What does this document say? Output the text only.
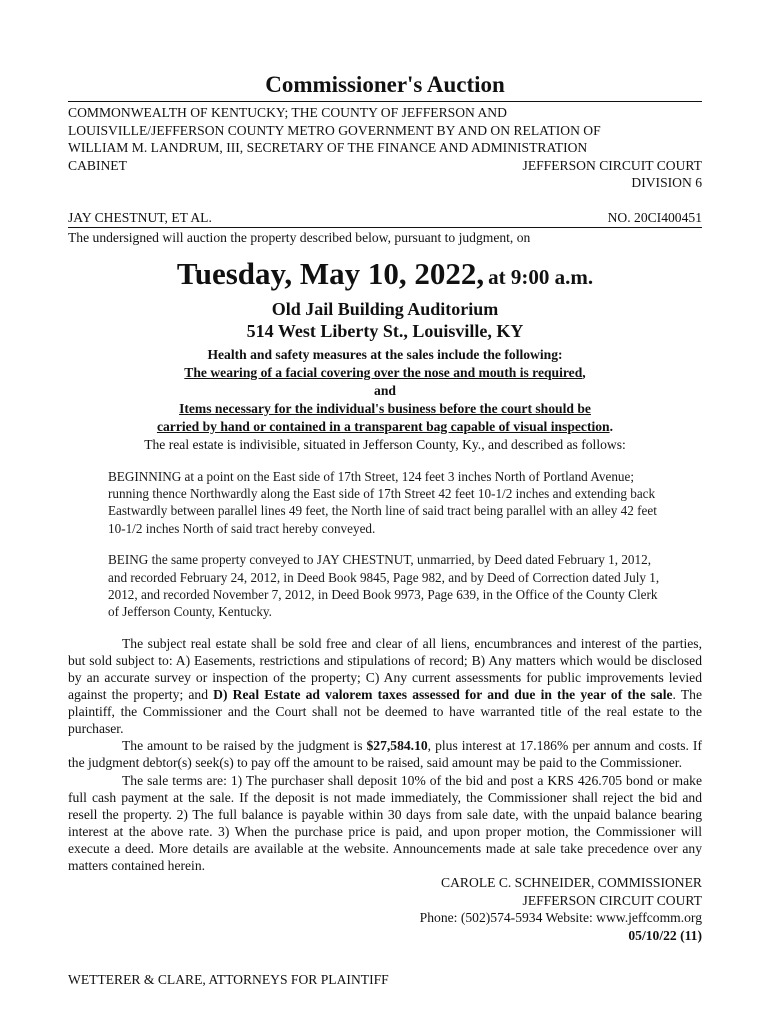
Commissioner's Auction
COMMONWEALTH OF KENTUCKY; THE COUNTY OF JEFFERSON AND
LOUISVILLE/JEFFERSON COUNTY METRO GOVERNMENT BY AND ON RELATION OF
WILLIAM M. LANDRUM, III, SECRETARY OF THE FINANCE AND ADMINISTRATION
CABINET	JEFFERSON CIRCUIT COURT
DIVISION 6
JAY CHESTNUT, ET AL.	NO. 20CI400451
The undersigned will auction the property described below, pursuant to judgment, on
Tuesday, May 10, 2022, at 9:00 a.m.
Old Jail Building Auditorium
514 West Liberty St., Louisville, KY
Health and safety measures at the sales include the following:
The wearing of a facial covering over the nose and mouth is required,
and
Items necessary for the individual's business before the court should be
carried by hand or contained in a transparent bag capable of visual inspection.
The real estate is indivisible, situated in Jefferson County, Ky., and described as follows:

BEGINNING at a point on the East side of 17th Street, 124 feet 3 inches North of Portland Avenue; running thence Northwardly along the East side of 17th Street 42 feet 10-1/2 inches and extending back Eastwardly between parallel lines 49 feet, the North line of said tract being parallel with an alley 42 feet 10-1/2 inches North of said tract hereby conveyed.

BEING the same property conveyed to JAY CHESTNUT, unmarried, by Deed dated February 1, 2012, and recorded February 24, 2012, in Deed Book 9845, Page 982, and by Deed of Correction dated July 1, 2012, and recorded November 7, 2012, in Deed Book 9973, Page 639, in the Office of the County Clerk of Jefferson County, Kentucky.

The subject real estate shall be sold free and clear of all liens, encumbrances and interest of the parties, but sold subject to: A) Easements, restrictions and stipulations of record; B) Any matters which would be disclosed by an accurate survey or inspection of the property; C) Any current assessments for public improvements levied against the property; and D) Real Estate ad valorem taxes assessed for and due in the year of the sale. The plaintiff, the Commissioner and the Court shall not be deemed to have warranted title of the real estate to the purchaser.

The amount to be raised by the judgment is $27,584.10, plus interest at 17.186% per annum and costs. If the judgment debtor(s) seek(s) to pay off the amount to be raised, said amount may be paid to the Commissioner.

The sale terms are: 1) The purchaser shall deposit 10% of the bid and post a KRS 426.705 bond or make full cash payment at the sale. If the deposit is not made immediately, the Commissioner shall reject the bid and resell the property. 2) The full balance is payable within 30 days from sale date, with the unpaid balance bearing interest at the above rate. 3) When the purchase price is paid, and upon proper motion, the Commissioner will execute a deed. More details are available at the website. Announcements made at sale take precedence over any matters contained herein.

CAROLE C. SCHNEIDER, COMMISSIONER
JEFFERSON CIRCUIT COURT
Phone: (502)574-5934 Website: www.jeffcomm.org
05/10/22 (11)
WETTERER & CLARE, ATTORNEYS FOR PLAINTIFF
